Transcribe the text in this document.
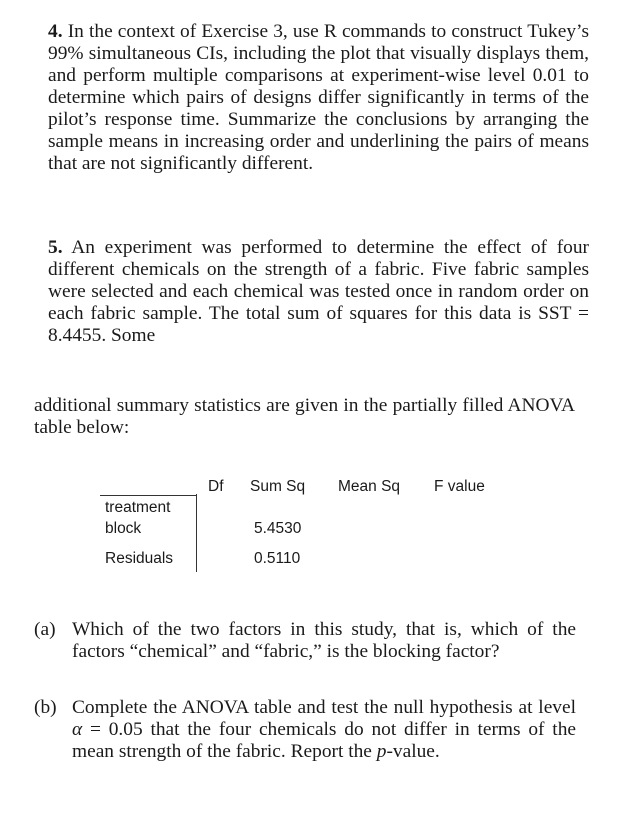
4. In the context of Exercise 3, use R commands to construct Tukey’s 99% simultaneous CIs, including the plot that visually displays them, and perform multiple comparisons at experiment-wise level 0.01 to determine which pairs of designs differ significantly in terms of the pilot’s response time. Summarize the conclusions by arranging the sample means in increasing order and underlining the pairs of means that are not significantly different.

5. An experiment was performed to determine the effect of four different chemicals on the strength of a fabric. Five fabric samples were selected and each chemical was tested once in random order on each fabric sample. The total sum of squares for this data is SST = 8.4455. Some

additional summary statistics are given in the partially filled ANOVA table below:

Df Sum Sq Mean Sq F value
treatment
block
Residuals
5.4530
0.5110
(a) Which of the two factors in this study, that is, which of the factors “chemical” and “fabric,” is the blocking factor?
(b) Complete the ANOVA table and test the null hypothesis at level α = 0.05 that the four chemicals do not differ in terms of the mean strength of the fabric. Report the p-value.
